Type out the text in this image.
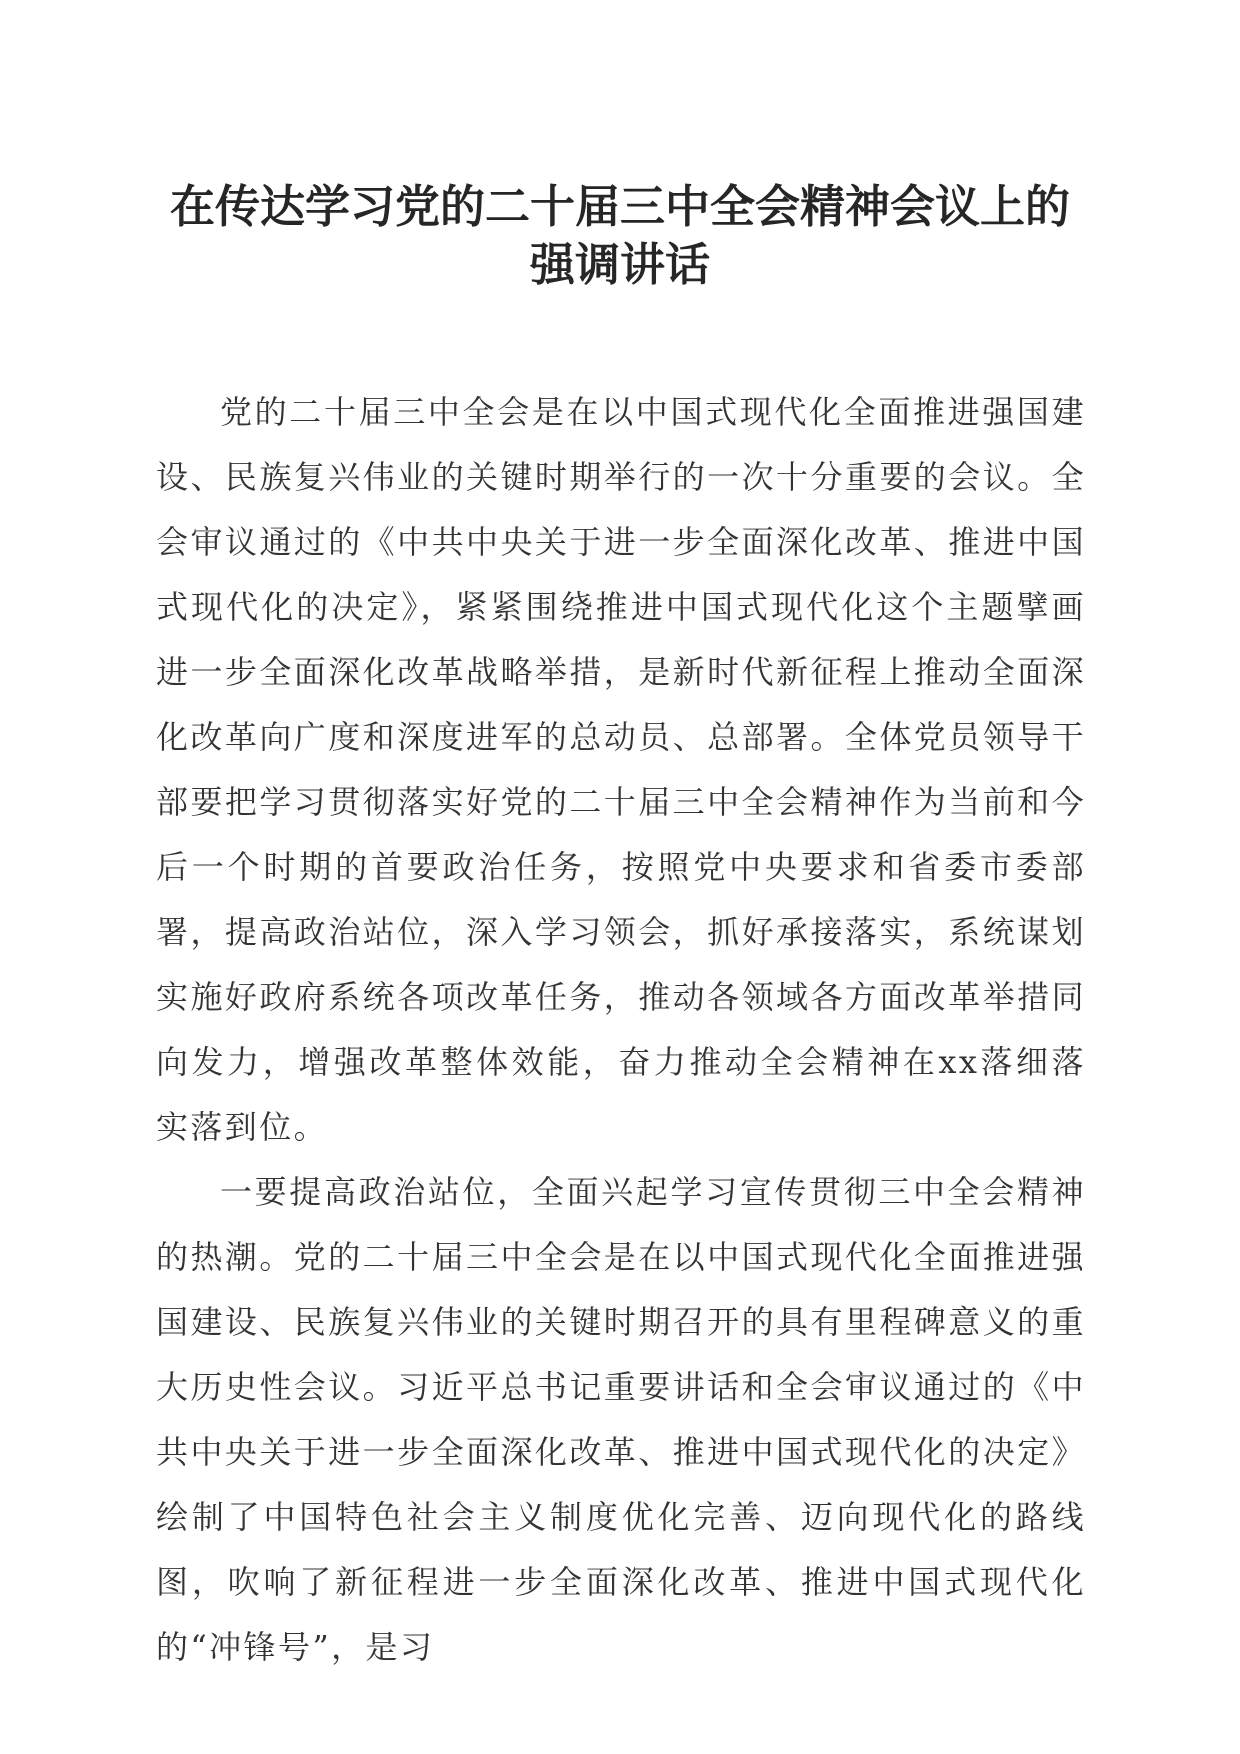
在传达学习党的二十届三中全会精神会议上的
强调讲话

党的二十届三中全会是在以中国式现代化全面推进强国建设、民族复兴伟业的关键时期举行的一次十分重要的会议。全会审议通过的《中共中央关于进一步全面深化改革、推进中国式现代化的决定》，紧紧围绕推进中国式现代化这个主题擘画进一步全面深化改革战略举措，是新时代新征程上推动全面深化改革向广度和深度进军的总动员、总部署。全体党员领导干部要把学习贯彻落实好党的二十届三中全会精神作为当前和今后一个时期的首要政治任务，按照党中央要求和省委市委部署，提高政治站位，深入学习领会，抓好承接落实，系统谋划实施好政府系统各项改革任务，推动各领域各方面改革举措同向发力，增强改革整体效能，奋力推动全会精神在xx落细落实落到位。

一要提高政治站位，全面兴起学习宣传贯彻三中全会精神的热潮。党的二十届三中全会是在以中国式现代化全面推进强国建设、民族复兴伟业的关键时期召开的具有里程碑意义的重大历史性会议。习近平总书记重要讲话和全会审议通过的《中共中央关于进一步全面深化改革、推进中国式现代化的决定》绘制了中国特色社会主义制度优化完善、迈向现代化的路线图，吹响了新征程进一步全面深化改革、推进中国式现代化的“冲锋号”，是习
